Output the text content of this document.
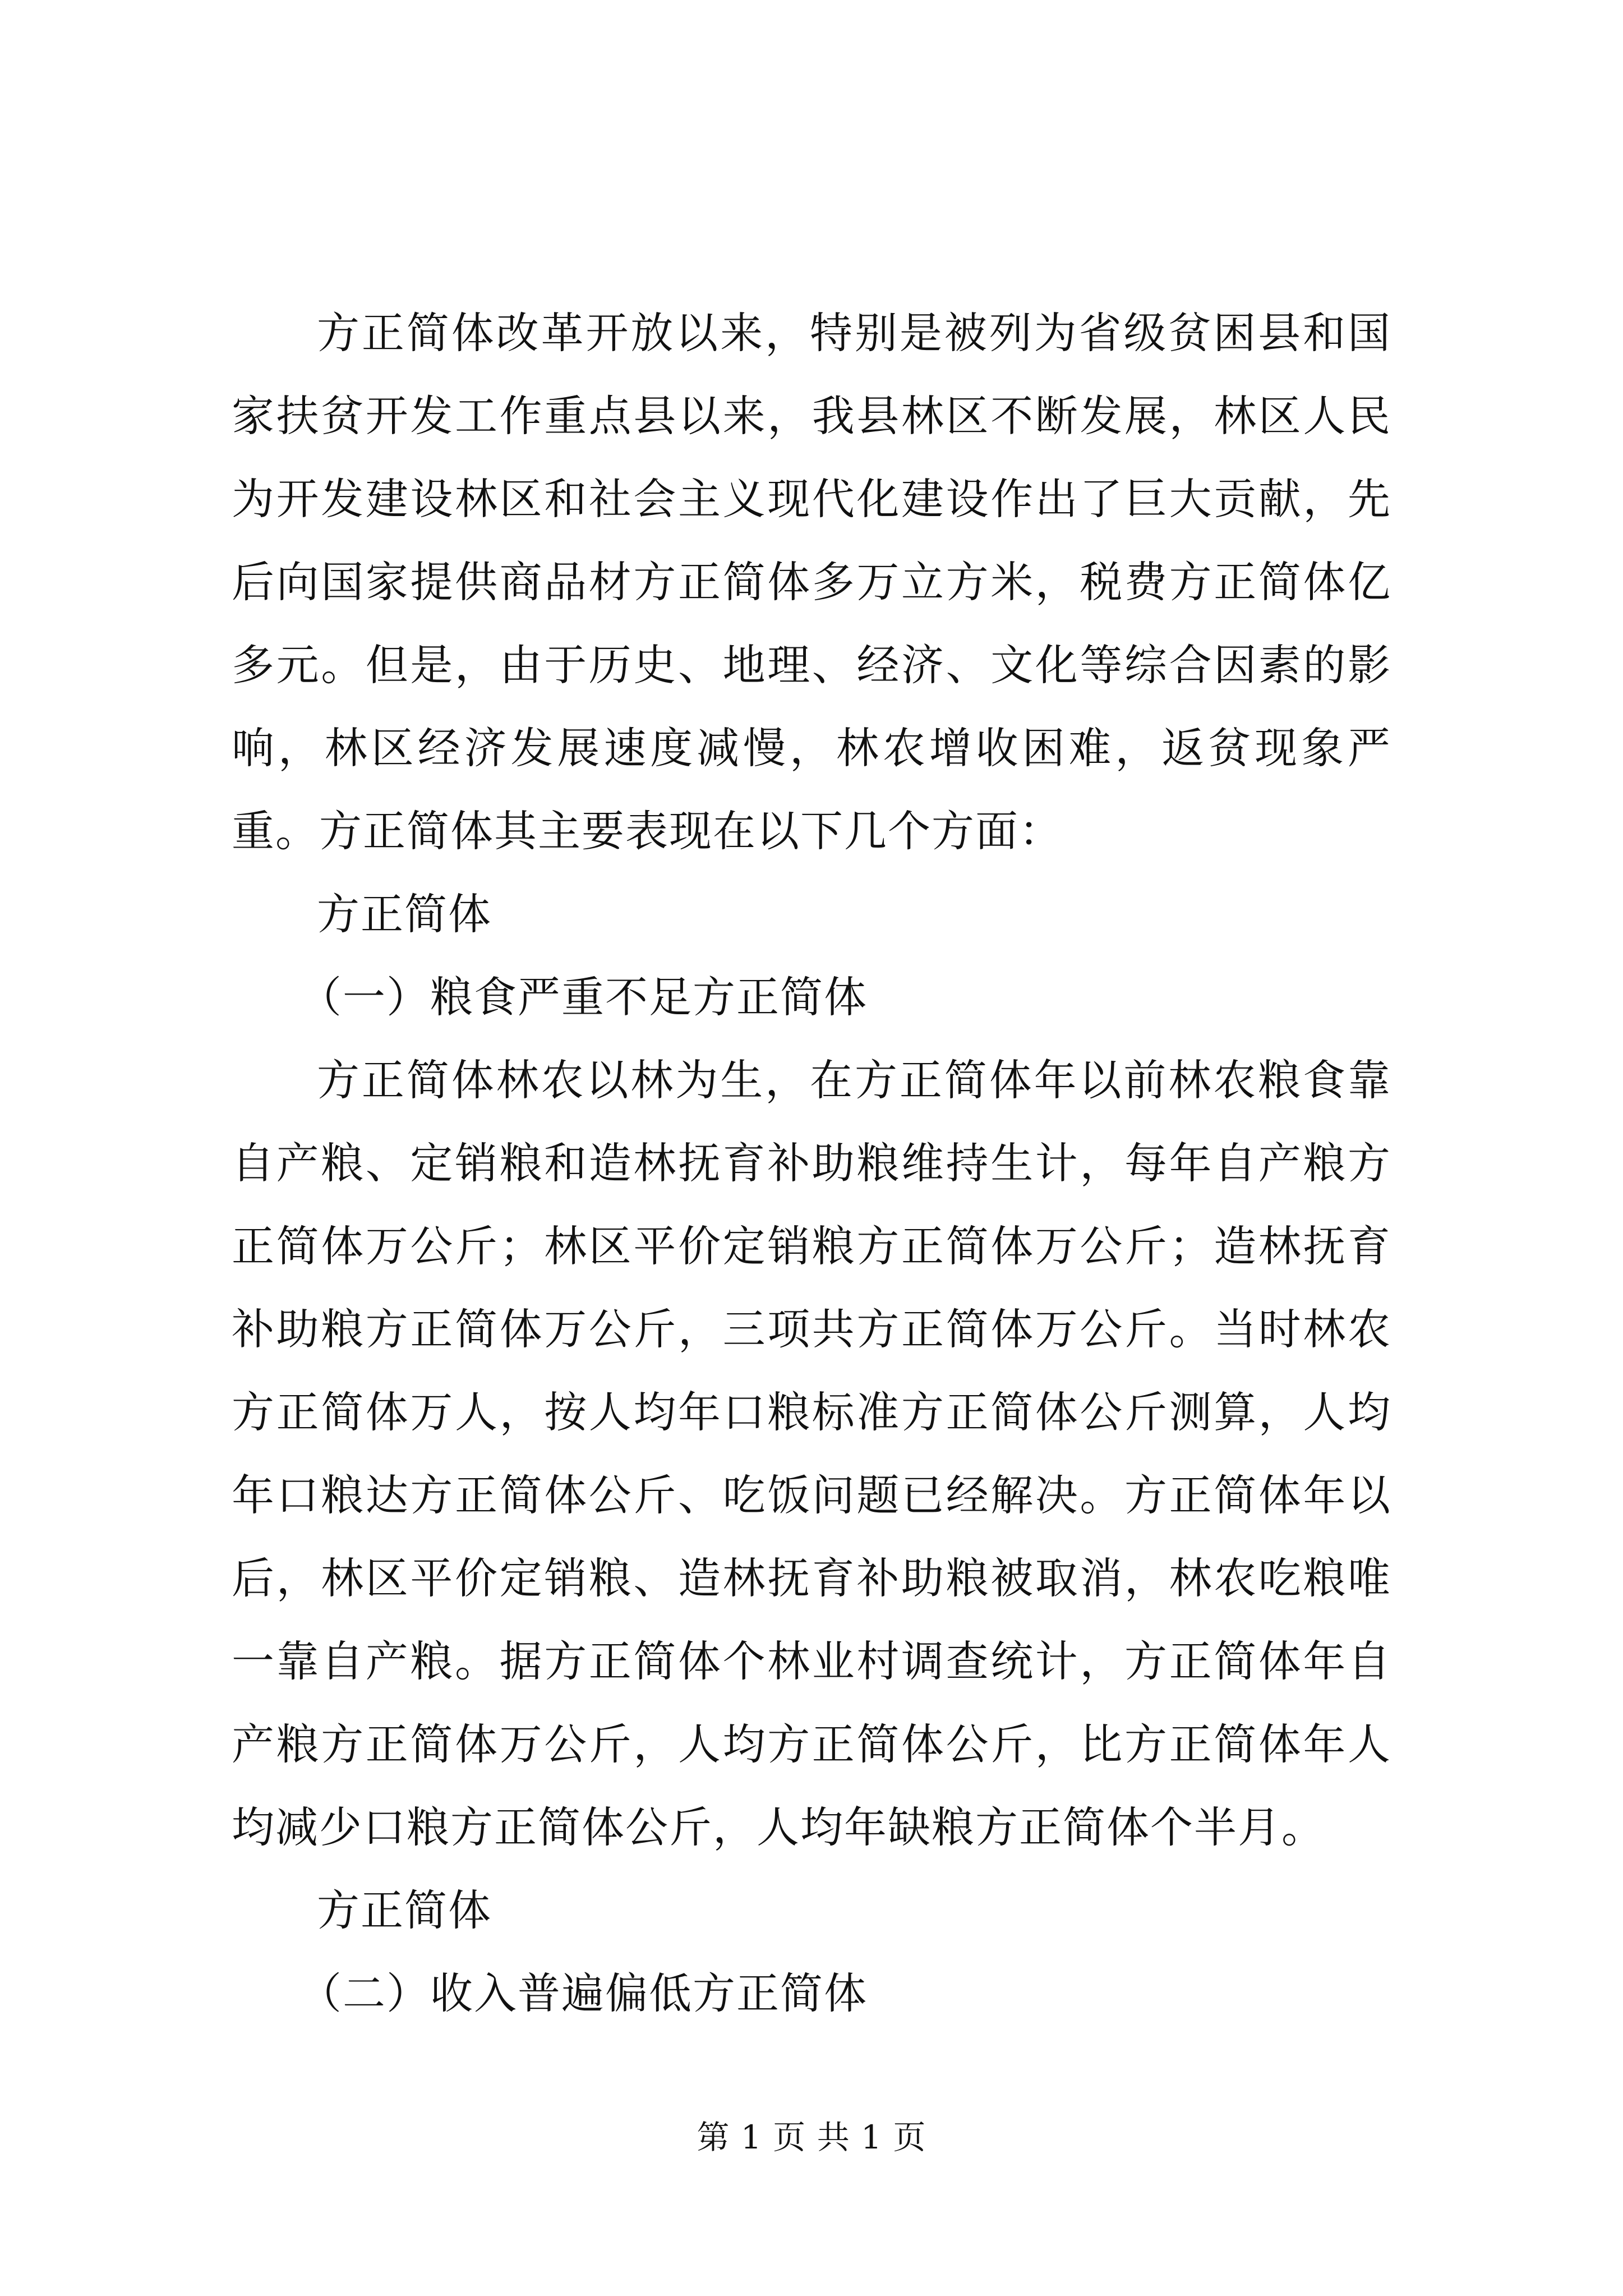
方正简体改革开放以来，特别是被列为省级贫困县和国家扶贫开发工作重点县以来，我县林区不断发展，林区人民为开发建设林区和社会主义现代化建设作出了巨大贡献，先后向国家提供商品材方正简体多万立方米，税费方正简体亿多元。但是，由于历史、地理、经济、文化等综合因素的影响，林区经济发展速度减慢，林农增收困难，返贫现象严重。方正简体其主要表现在以下几个方面：

方正简体

（一）粮食严重不足方正简体

方正简体林农以林为生，在方正简体年以前林农粮食靠自产粮、定销粮和造林抚育补助粮维持生计，每年自产粮方正简体万公斤；林区平价定销粮方正简体万公斤；造林抚育补助粮方正简体万公斤，三项共方正简体万公斤。当时林农方正简体万人，按人均年口粮标准方正简体公斤测算，人均年口粮达方正简体公斤、吃饭问题已经解决。方正简体年以后，林区平价定销粮、造林抚育补助粮被取消，林农吃粮唯一靠自产粮。据方正简体个林业村调查统计，方正简体年自产粮方正简体万公斤，人均方正简体公斤，比方正简体年人均减少口粮方正简体公斤，人均年缺粮方正简体个半月。

方正简体

（二）收入普遍偏低方正简体

第 1 页 共 1 页
